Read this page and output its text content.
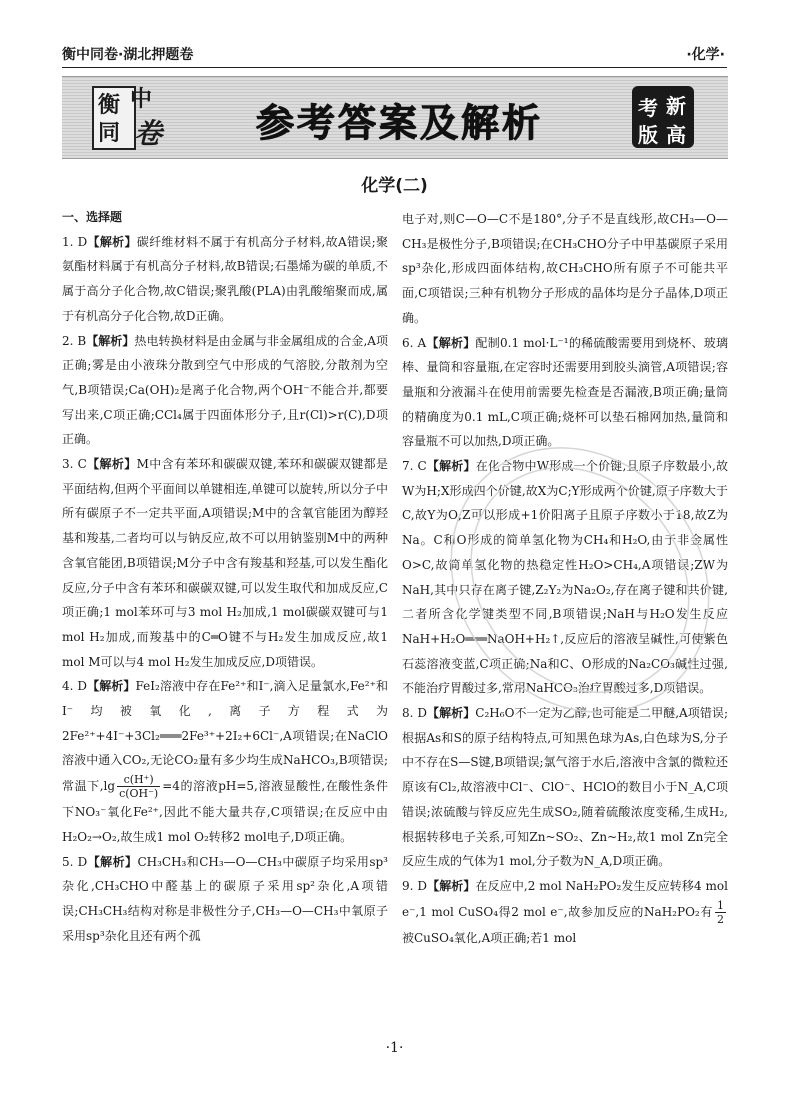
衡中同卷·湖北押题卷	·化学·
衡 中
同 卷 参考答案及解析	考 新
版 高
化学(二)

一、选择题

1. D【解析】碳纤维材料不属于有机高分子材料,故A错误;聚氨酯材料属于有机高分子材料,故B错误;石墨烯为碳的单质,不属于高分子化合物,故C错误;聚乳酸(PLA)由乳酸缩聚而成,属于有机高分子化合物,故D正确。

2. B【解析】热电转换材料是由金属与非金属组成的合金,A项正确;雾是由小液珠分散到空气中形成的气溶胶,分散剂为空气,B项错误;Ca(OH)₂是离子化合物,两个OH⁻不能合并,都要写出来,C项正确;CCl₄属于四面体形分子,且r(Cl)>r(C),D项正确。

3. C【解析】M中含有苯环和碳碳双键,苯环和碳碳双键都是平面结构,但两个平面间以单键相连,单键可以旋转,所以分子中所有碳原子不一定共平面,A项错误;M中的含氧官能团为醇羟基和羧基,二者均可以与钠反应,故不可以用钠鉴别M中的两种含氧官能团,B项错误;M分子中含有羧基和羟基,可以发生酯化反应,分子中含有苯环和碳碳双键,可以发生取代和加成反应,C项正确;1 mol苯环可与3 mol H₂加成,1 mol碳碳双键可与1 mol H₂加成,而羧基中的C═O键不与H₂发生加成反应,故1 mol M可以与4 mol H₂发生加成反应,D项错误。

4. D【解析】FeI₂溶液中存在Fe²⁺和I⁻,滴入足量氯水,Fe²⁺和I⁻均被氧化,离子方程式为2Fe²⁺+4I⁻+3Cl₂═══2Fe³⁺+2I₂+6Cl⁻,A项错误;在NaClO溶液中通入CO₂,无论CO₂量有多少均生成NaHCO₃,B项错误;常温下$,\lg \frac{c(H^+)}{c(OH^-)} =4$的溶液pH=5,溶液显酸性,在酸性条件下NO₃⁻氧化Fe²⁺,因此不能大量共存,C项错误;在反应中由H₂O₂→O₂,故生成1 mol O₂转移2 mol电子,D项正确。

5. D【解析】CH₃CH₃和CH₃—O—CH₃中碳原子均采用sp³杂化,CH₃CHO中醛基上的碳原子采用sp²杂化,A项错误;CH₃CH₃结构对称是非极性分子,CH₃—O—CH₃中氧原子采用sp³杂化且还有两个孤

电子对,则C—O—C不是180°,分子不是直线形,故CH₃—O—CH₃是极性分子,B项错误;在CH₃CHO分子中甲基碳原子采用sp³杂化,形成四面体结构,故CH₃CHO所有原子不可能共平面,C项错误;三种有机物分子形成的晶体均是分子晶体,D项正确。

6. A【解析】配制0.1 mol·L⁻¹的稀硫酸需要用到烧杯、玻璃棒、量筒和容量瓶,在定容时还需要用到胶头滴管,A项错误;容量瓶和分液漏斗在使用前需要先检查是否漏液,B项正确;量筒的精确度为0.1 mL,C项正确;烧杯可以垫石棉网加热,量筒和容量瓶不可以加热,D项正确。

7. C【解析】在化合物中W形成一个价键,且原子序数最小,故W为H;X形成四个价键,故X为C;Y形成两个价键,原子序数大于C,故Y为O;Z可以形成+1价阳离子且原子序数小于18,故Z为Na。C和O形成的简单氢化物为CH₄和H₂O,由于非金属性O>C,故简单氢化物的热稳定性H₂O>CH₄,A项错误;ZW为NaH,其中只存在离子键,Z₂Y₂为Na₂O₂,存在离子键和共价键,二者所含化学键类型不同,B项错误;NaH与H₂O发生反应NaH+H₂O═══NaOH+H₂↑,反应后的溶液呈碱性,可使紫色石蕊溶液变蓝,C项正确;Na和C、O形成的Na₂CO₃碱性过强,不能治疗胃酸过多,常用NaHCO₃治疗胃酸过多,D项错误。

8. D【解析】C₂H₆O不一定为乙醇,也可能是二甲醚,A项错误;根据As和S的原子结构特点,可知黑色球为As,白色球为S,分子中不存在S—S键,B项错误;氯气溶于水后,溶液中含氯的微粒还原该有Cl₂,故溶液中Cl⁻、ClO⁻、HClO的数目小于N_A,C项错误;浓硫酸与锌反应先生成SO₂,随着硫酸浓度变稀,生成H₂,根据转移电子关系,可知Zn~SO₂、Zn~H₂,故1 mol Zn完全反应生成的气体为1 mol,分子数为N_A,D项正确。

9. D【解析】在反应中,2 mol NaH₂PO₂发生反应转移4 mol e⁻,1 mol CuSO₄得2 mol e⁻,故参加反应的NaH₂PO₂有 $\frac{1}{2}$
被CuSO₄氧化,A项正确;若1 mol

·1·
